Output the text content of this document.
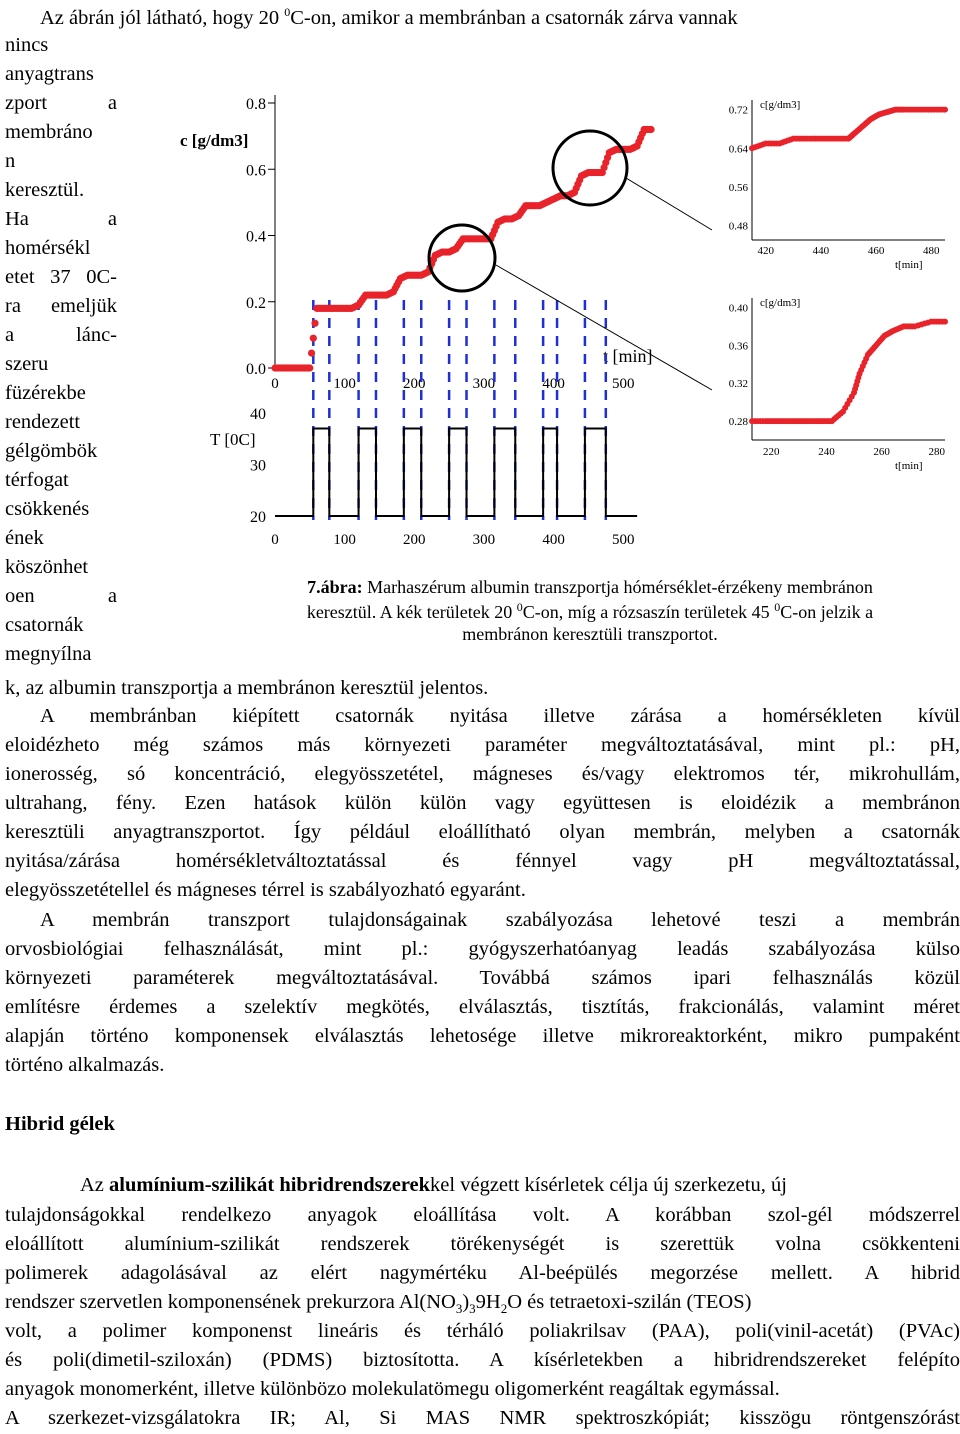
Az ábrán jól látható, hogy 20 $^0$C-on, amikor a membránban a csatornák zárva vannak
nincs
anyagtrans
zport a
membráno
n
keresztül.
Ha a
homérsékl
etet 37 0C-
ra emeljük
a lánc-
szeru
füzérekbe
rendezett
gélgömbök
térfogat
csökkenés
ének
köszönhet
oen a
csatornák
megnyílna
0.8
0.6
0.4
0.2
0.0
0	100	200	300	400	500
c [g/dm3]
t [min]
40
30
20
0	100	200	300	400	500
T [0C]
0.72
0.64
0.56
0.48
420	440	460	480
c[g/dm3]
t[min]
0.40
0.36
0.32
0.28
220	240	260	280
c[g/dm3]
t[min]
7.ábra: Marhaszérum albumin transzportja hómérséklet-érzékeny membránon
keresztül. A kék területek 20 $^0$C-on, míg a rózsaszín területek 45 $^0$C-on jelzik a
membránon keresztüli transzportot.
k, az albumin transzportja a membránon keresztül jelentos.
A membránban kiépített csatornák nyitása illetve zárása a homérsékleten kívül
eloidézheto még számos más környezeti paraméter megváltoztatásával, mint pl.: pH,
ionerosség, só koncentráció, elegyösszetétel, mágneses és/vagy elektromos tér, mikrohullám,
ultrahang, fény. Ezen hatások külön külön vagy együttesen is eloidézik a membránon
keresztüli anyagtranszportot. Így például eloállítható olyan membrán, melyben a csatornák
nyitása/zárása homérsékletváltoztatással és fénnyel vagy pH megváltoztatással,
elegyösszetétellel és mágneses térrel is szabályozható egyaránt.
A membrán transzport tulajdonságainak szabályozása lehetové teszi a membrán
orvosbiológiai felhasználását, mint pl.: gyógyszerhatóanyag leadás szabályozása külso
környezeti paraméterek megváltoztatásával. Továbbá számos ipari felhasználás közül
említésre érdemes a szelektív megkötés, elválasztás, tisztítás, frakcionálás, valamint méret
alapján történo komponensek elválasztás lehetosége illetve mikroreaktorként, mikro pumpaként
történo alkalmazás.
Hibrid gélek
Az alumínium-szilikát hibridrendszerekkel végzett kísérletek célja új szerkezetu, új
tulajdonságokkal rendelkezo anyagok eloállítása volt. A korábban szol-gél módszerrel
eloállított alumínium-szilikát rendszerek törékenységét is szerettük volna csökkenteni
polimerek adagolásával az elért nagymértéku Al-beépülés megorzése mellett. A hibrid
rendszer szervetlen komponensének prekurzora $Al(NO_3)_39H_2O$ és tetraetoxi-szilán (TEOS)
volt, a polimer komponenst lineáris és térháló poliakrilsav (PAA), poli(vinil-acetát) (PVAc)
és poli(dimetil-sziloxán) (PDMS) biztosította. A kísérletekben a hibridrendszereket felépíto
anyagok monomerként, illetve különbözo molekulatömegu oligomerként reagáltak egymással.
A szerkezet-vizsgálatokra IR; Al, Si MAS NMR spektroszkópiát; kisszögu röntgenszórást
